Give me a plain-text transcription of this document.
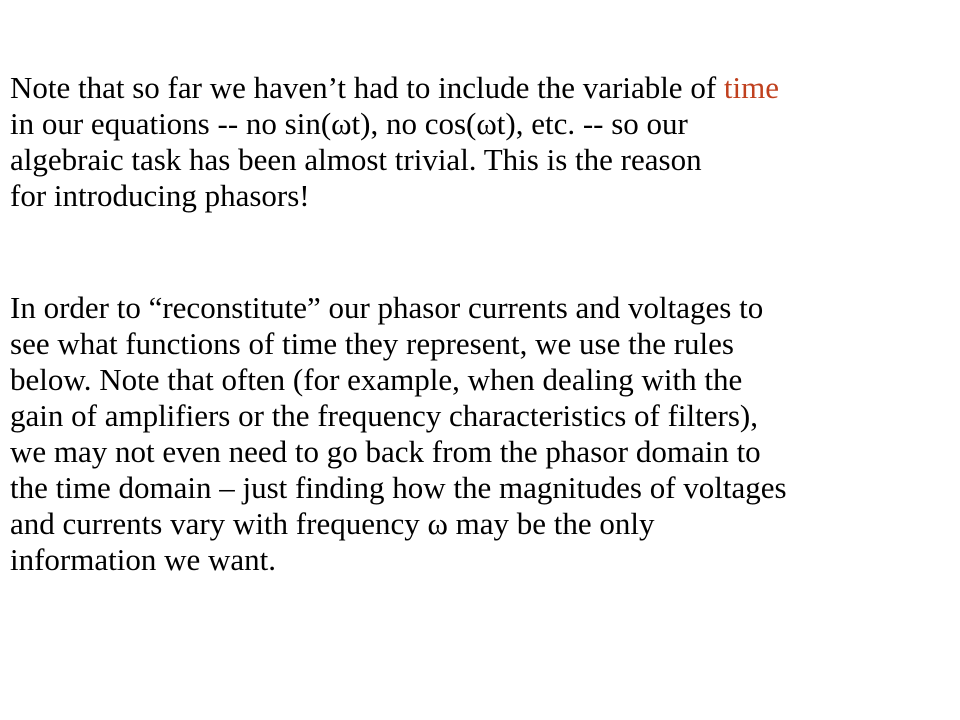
Note that so far we haven’t had to include the variable of time
in our equations -- no sin(ωt), no cos(ωt), etc. -- so our
algebraic task has been almost trivial. This is the reason
for introducing phasors!
In order to “reconstitute” our phasor currents and voltages to
see what functions of time they represent, we use the rules
below. Note that often (for example, when dealing with the
gain of amplifiers or the frequency characteristics of filters),
we may not even need to go back from the phasor domain to
the time domain – just finding how the magnitudes of voltages
and currents vary with frequency ω may be the only
information we want.
